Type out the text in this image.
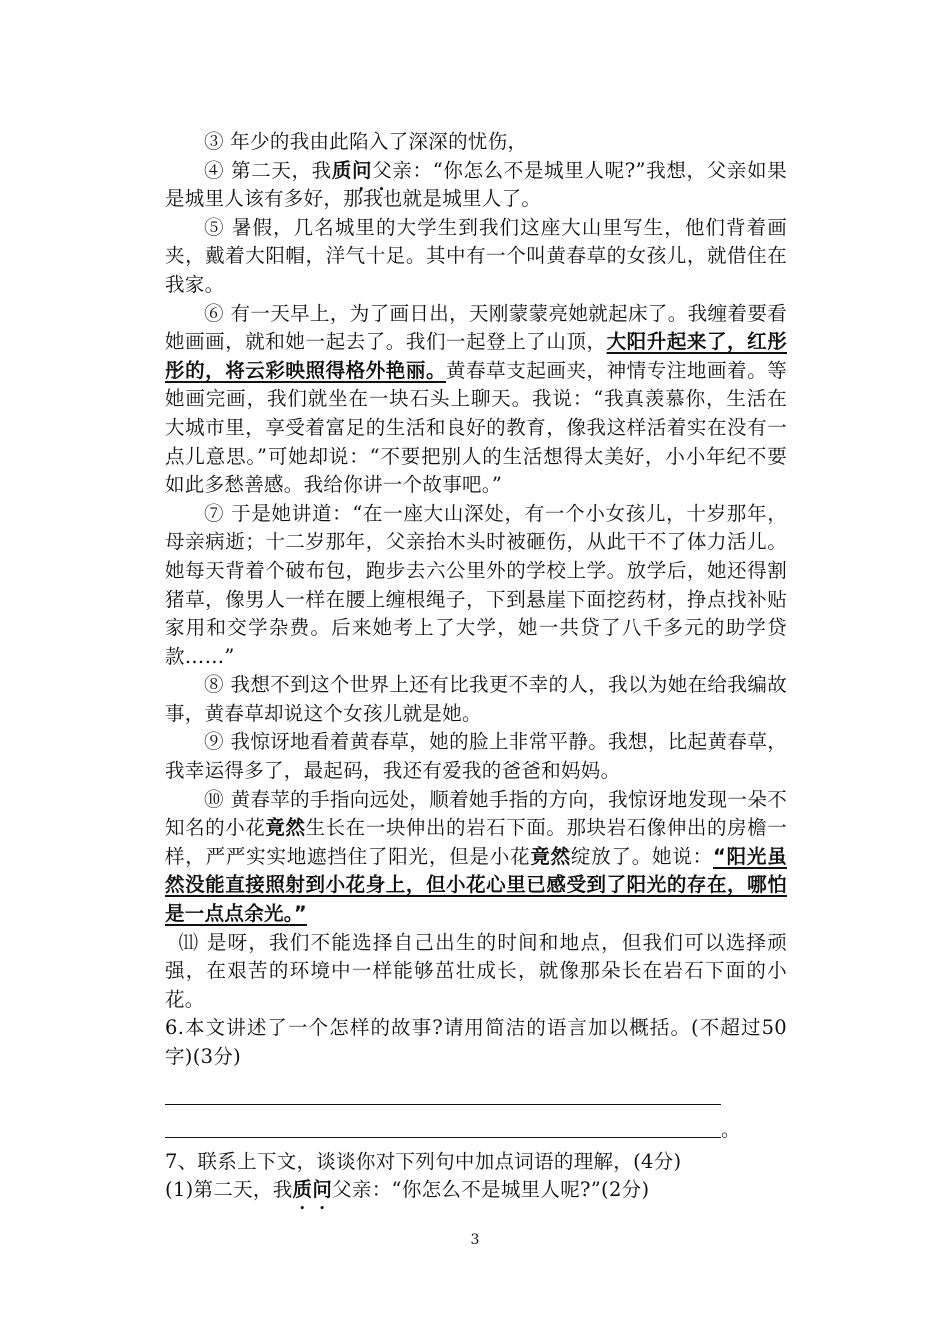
③ 年少的我由此陷入了深深的忧伤，

④ 第二天，我质问父亲：“你怎么不是城里人呢?”我想，父亲如果是城里人该有多好，那我也就是城里人了。

⑤ 暑假，几名城里的大学生到我们这座大山里写生，他们背着画夹，戴着大阳帽，洋气十足。其中有一个叫黄春草的女孩儿，就借住在我家。

⑥ 有一天早上，为了画日出，天刚蒙蒙亮她就起床了。我缠着要看她画画，就和她一起去了。我们一起登上了山顶，大阳升起来了，红彤彤的，将云彩映照得格外艳丽。黄春草支起画夹，神情专注地画着。等她画完画，我们就坐在一块石头上聊天。我说：“我真羡慕你，生活在大城市里，享受着富足的生活和良好的教育，像我这样活着实在没有一点儿意思。”可她却说：“不要把别人的生活想得太美好，小小年纪不要如此多愁善感。我给你讲一个故事吧。”

⑦ 于是她讲道：“在一座大山深处，有一个小女孩儿，十岁那年，母亲病逝；十二岁那年，父亲抬木头时被砸伤，从此干不了体力活儿。她每天背着个破布包，跑步去六公里外的学校上学。放学后，她还得割猪草，像男人一样在腰上缠根绳子，下到悬崖下面挖药材，挣点找补贴家用和交学杂费。后来她考上了大学，她一共贷了八千多元的助学贷款……”

⑧ 我想不到这个世界上还有比我更不幸的人，我以为她在给我编故事，黄春草却说这个女孩儿就是她。

⑨ 我惊讶地看着黄春草，她的脸上非常平静。我想，比起黄春草，我幸运得多了，最起码，我还有爱我的爸爸和妈妈。

⑩ 黄春苹的手指向远处，顺着她手指的方向，我惊讶地发现一朵不知名的小花竟然生长在一块伸出的岩石下面。那块岩石像伸出的房檐一样，严严实实地遮挡住了阳光，但是小花竟然绽放了。她说：“阳光虽然没能直接照射到小花身上，但小花心里已感受到了阳光的存在，哪怕是一点点余光。”

⑾ 是呀，我们不能选择自己出生的时间和地点，但我们可以选择顽强，在艰苦的环境中一样能够茁壮成长，就像那朵长在岩石下面的小花。

6.本文讲述了一个怎样的故事?请用简洁的语言加以概括。(不超过50字)(3分)

。

7、联系上下文，谈谈你对下列句中加点词语的理解，(4分)

(1)第二天，我质问父亲：“你怎么不是城里人呢?”(2分)

3
